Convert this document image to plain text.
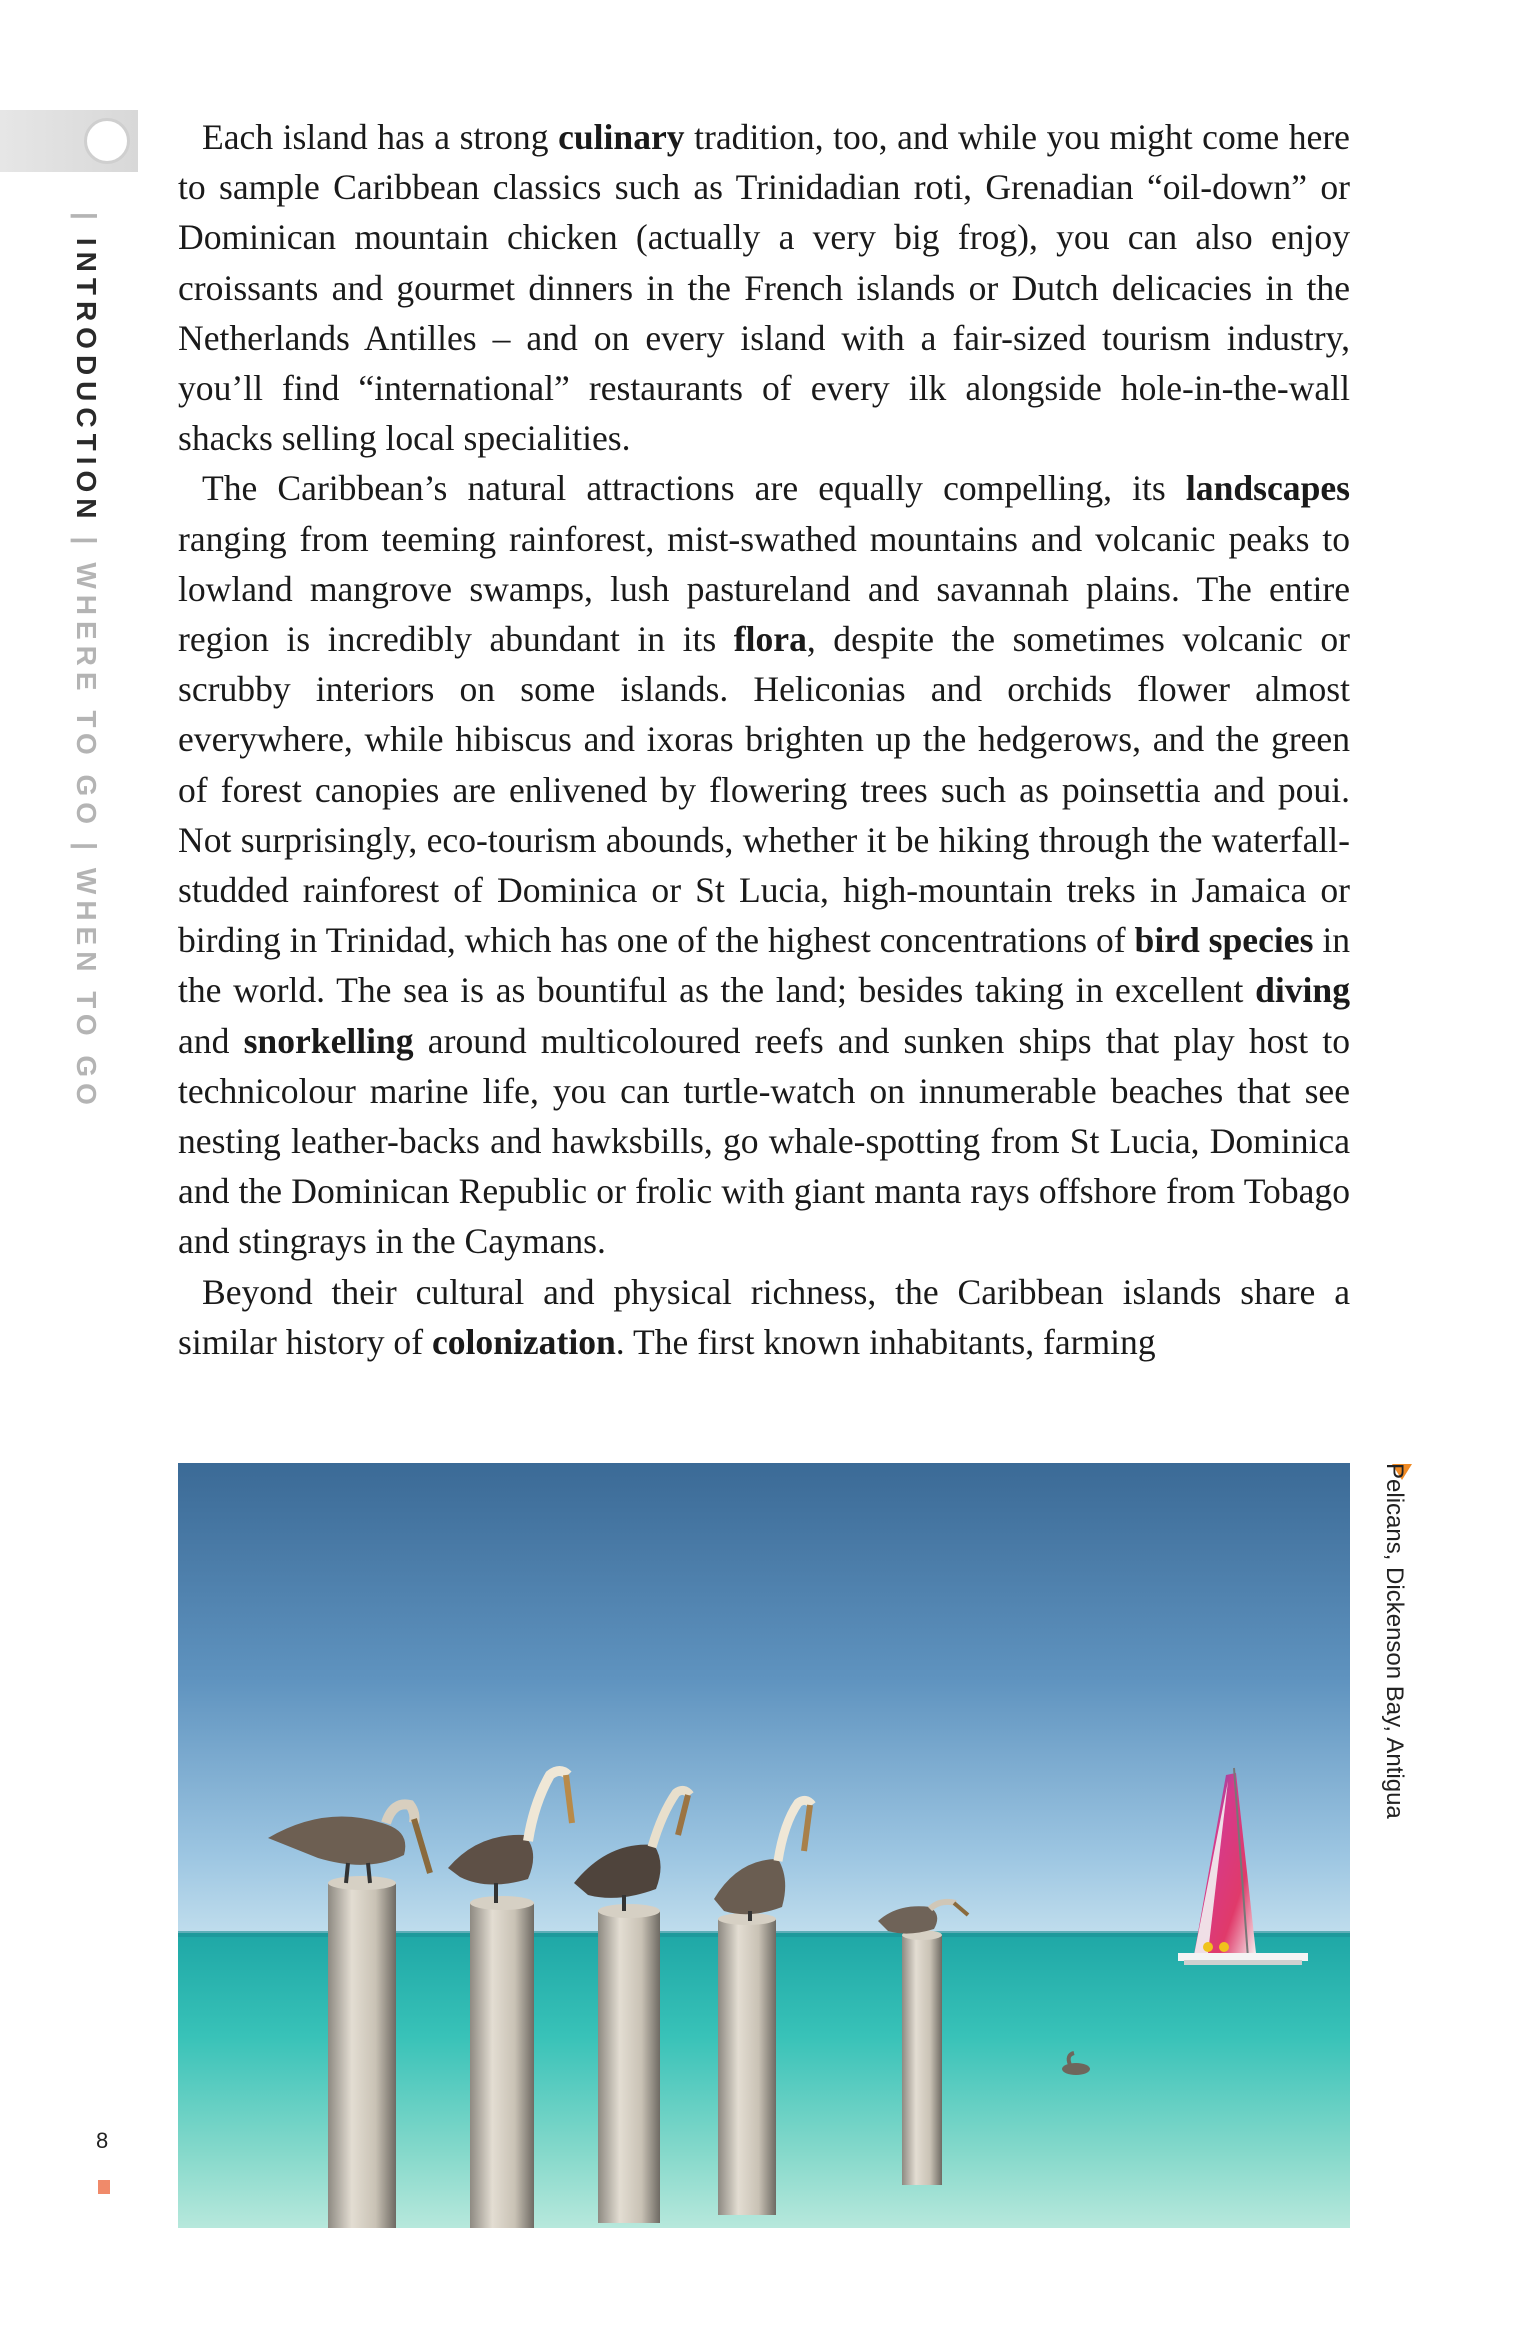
|INTRODUCTION|WHERE TO GO|WHEN TO GO

Each island has a strong culinary tradition, too, and while you might come here to sample Caribbean classics such as Trinidadian roti, Grenadian “oil-down” or Dominican mountain chicken (actually a very big frog), you can also enjoy croissants and gourmet dinners in the French islands or Dutch delicacies in the Netherlands Antilles – and on every island with a fair-sized tourism industry, you’ll find “international” restaurants of every ilk alongside hole-in-the-wall shacks selling local specialities.

The Caribbean’s natural attractions are equally compelling, its landscapes ranging from teeming rainforest, mist-swathed mountains and volcanic peaks to lowland mangrove swamps, lush pastureland and savannah plains. The entire region is incredibly abundant in its flora, despite the sometimes volcanic or scrubby interiors on some islands. Heliconias and orchids flower almost everywhere, while hibiscus and ixoras brighten up the hedgerows, and the green of forest canopies are enlivened by flowering trees such as poinsettia and poui. Not surprisingly, eco-tourism abounds, whether it be hiking through the waterfall-studded rainforest of Dominica or St Lucia, high-mountain treks in Jamaica or birding in Trinidad, which has one of the highest concentrations of bird species in the world. The sea is as bountiful as the land; besides taking in excellent diving and snorkelling around multicoloured reefs and sunken ships that play host to technicolour marine life, you can turtle-watch on innumerable beaches that see nesting leather-backs and hawksbills, go whale-spotting from St Lucia, Dominica and the Dominican Republic or frolic with giant manta rays offshore from Tobago and stingrays in the Caymans.

Beyond their cultural and physical richness, the Caribbean islands share a similar history of colonization. The first known inhabitants, farming

Pelicans, Dickenson Bay, Antigua
8
